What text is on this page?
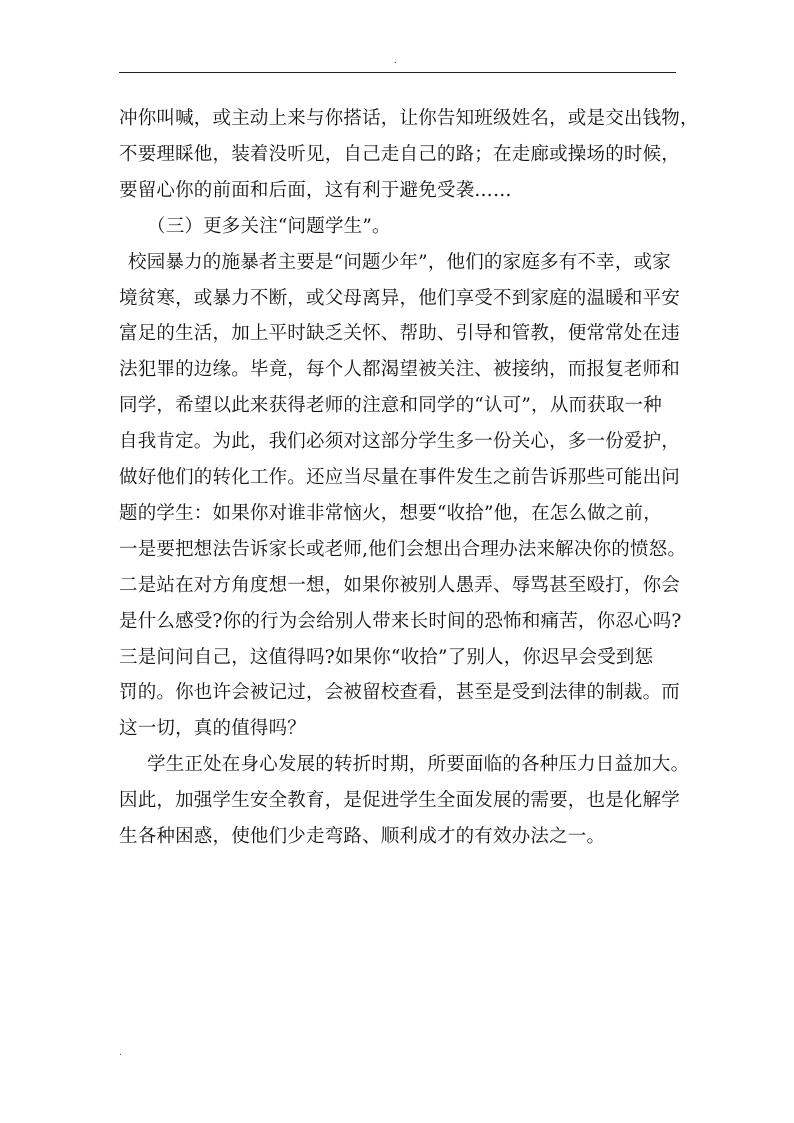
.
冲你叫喊，或主动上来与你搭话，让你告知班级姓名，或是交出钱物，
不要理睬他，装着没听见，自己走自己的路；在走廊或操场的时候，
要留心你的前面和后面，这有利于避免受袭……
（三）更多关注“问题学生”。
校园暴力的施暴者主要是“问题少年”，他们的家庭多有不幸，或家
境贫寒，或暴力不断，或父母离异，他们享受不到家庭的温暖和平安
富足的生活，加上平时缺乏关怀、帮助、引导和管教，便常常处在违
法犯罪的边缘。毕竟，每个人都渴望被关注、被接纳，而报复老师和
同学，希望以此来获得老师的注意和同学的“认可”，从而获取一种
自我肯定。为此，我们必须对这部分学生多一份关心，多一份爱护，
做好他们的转化工作。还应当尽量在事件发生之前告诉那些可能出问
题的学生：如果你对谁非常恼火，想要“收拾”他，在怎么做之前，
一是要把想法告诉家长或老师,他们会想出合理办法来解决你的愤怒。
二是站在对方角度想一想，如果你被别人愚弄、辱骂甚至殴打，你会
是什么感受?你的行为会给别人带来长时间的恐怖和痛苦，你忍心吗?
三是问问自己，这值得吗?如果你“收拾”了别人，你迟早会受到惩
罚的。你也许会被记过，会被留校查看，甚至是受到法律的制裁。而
这一切，真的值得吗？
学生正处在身心发展的转折时期，所要面临的各种压力日益加大。
因此，加强学生安全教育，是促进学生全面发展的需要，也是化解学
生各种困惑，使他们少走弯路、顺利成才的有效办法之一。
.
